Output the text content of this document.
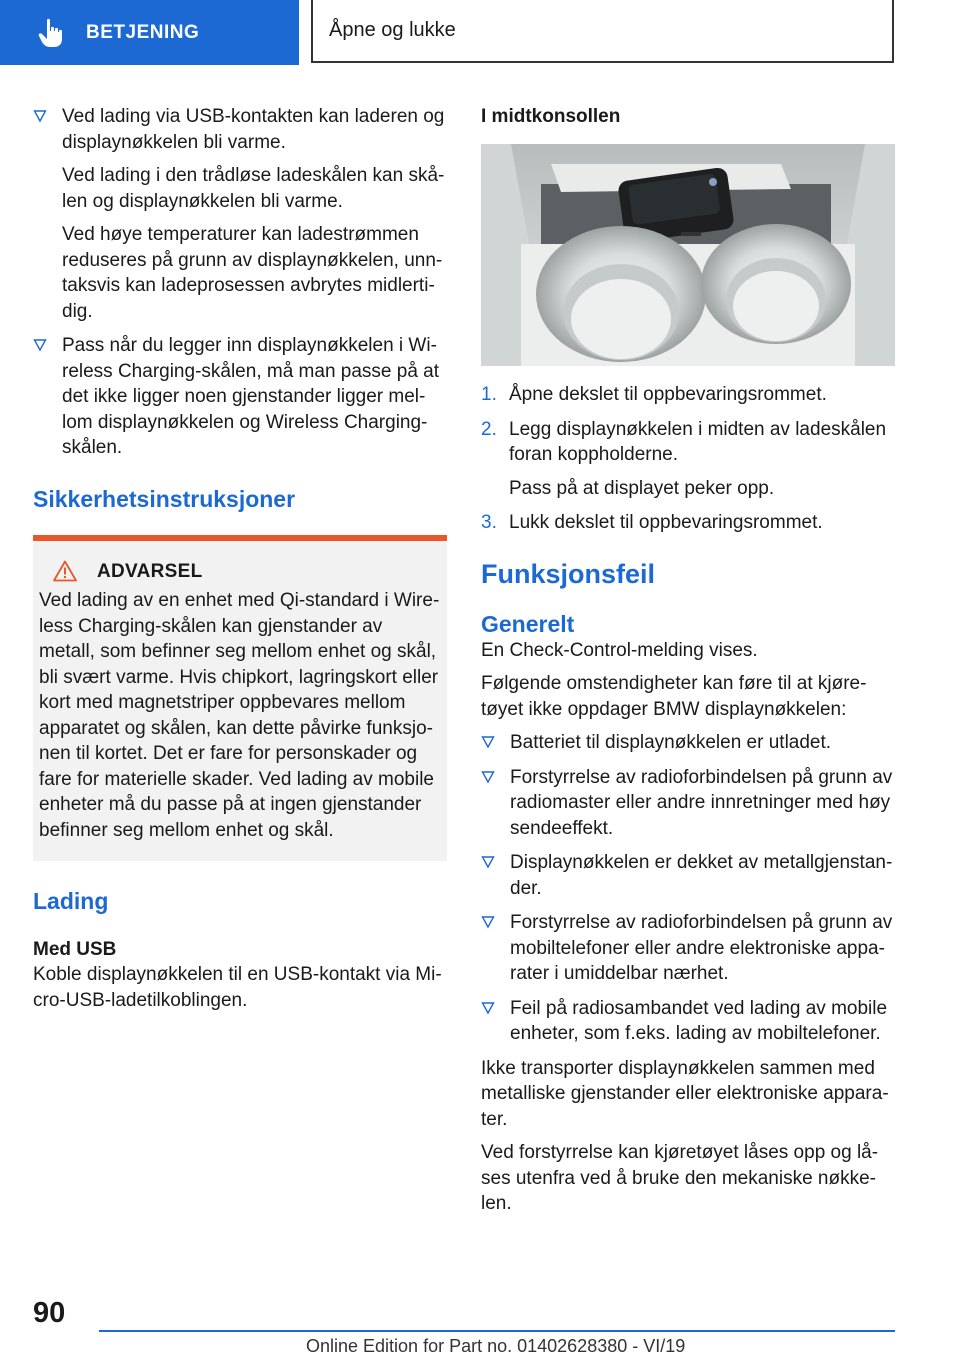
BETJENING	Åpne og lukke

Ved lading via USB-kontakten kan laderen og displaynøkkelen bli varme.

Ved lading i den trådløse ladeskålen kan skålen og displaynøkkelen bli varme.

Ved høye temperaturer kan ladestrømmen reduseres på grunn av displaynøkkelen, unntaksvis kan ladeprosessen avbrytes midlertidig.

Pass når du legger inn displaynøkkelen i Wireless Charging-skålen, må man passe på at det ikke ligger noen gjenstander ligger mellom displaynøkkelen og Wireless Charging-skålen.

Sikkerhetsinstruksjoner
ADVARSEL

Ved lading av en enhet med Qi-standard i Wireless Charging-skålen kan gjenstander av metall, som befinner seg mellom enhet og skål, bli svært varme. Hvis chipkort, lagringskort eller kort med magnetstriper oppbevares mellom apparatet og skålen, kan dette påvirke funksjonen til kortet. Det er fare for personskader og fare for materielle skader. Ved lading av mobile enheter må du passe på at ingen gjenstander befinner seg mellom enhet og skål.

Lading
Med USB

Koble displaynøkkelen til en USB-kontakt via Micro-USB-ladetilkoblingen.

I midtkonsollen
1. Åpne dekslet til oppbevaringsrommet.

2. Legg displaynøkkelen i midten av ladeskålen foran koppholderne.

Pass på at displayet peker opp.

3. Lukk dekslet til oppbevaringsrommet.

Funksjonsfeil
Generelt

En Check-Control-melding vises.

Følgende omstendigheter kan føre til at kjøretøyet ikke oppdager BMW displaynøkkelen:

Batteriet til displaynøkkelen er utladet.

Forstyrrelse av radioforbindelsen på grunn av radiomaster eller andre innretninger med høy sendeeffekt.

Displaynøkkelen er dekket av metallgjenstander.

Forstyrrelse av radioforbindelsen på grunn av mobiltelefoner eller andre elektroniske apparater i umiddelbar nærhet.

Feil på radiosambandet ved lading av mobile enheter, som f.eks. lading av mobiltelefoner.

Ikke transporter displaynøkkelen sammen med metalliske gjenstander eller elektroniske apparater.

Ved forstyrrelse kan kjøretøyet låses opp og låses utenfra ved å bruke den mekaniske nøkkelen.

90
Online Edition for Part no. 01402628380 - VI/19
